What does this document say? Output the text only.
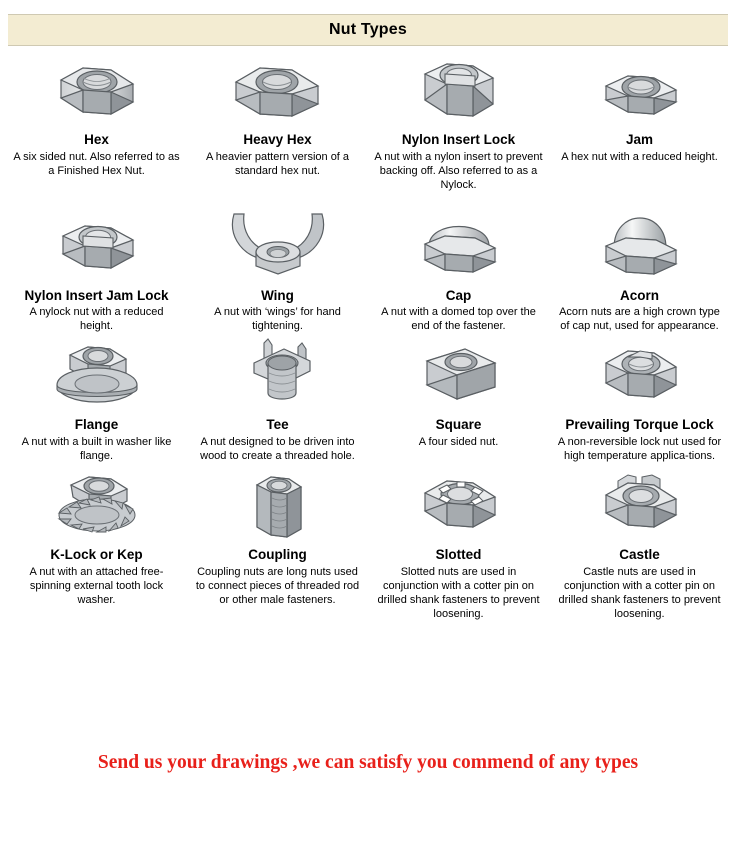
Nut Types
Hex
A six sided nut. Also referred to as a Finished Hex Nut.
Heavy Hex
A heavier pattern version of a standard hex nut.
Nylon Insert Lock
A nut with a nylon insert to prevent backing off. Also referred to as a Nylock.
Jam
A hex nut with a reduced height.
Nylon Insert Jam Lock
A nylock nut with a reduced height.
Wing
A nut with ‘wings’ for hand tightening.
Cap
A nut with a domed top over the end of the fastener.
Acorn
Acorn nuts are a high crown type of cap nut, used for appearance.
Flange
A nut with a built in washer like flange.
Tee
A nut designed to be driven into wood to create a threaded hole.
Square
A four sided nut.
Prevailing Torque Lock
A non-reversible lock nut used for high temperature applica-tions.
K-Lock or Kep
A nut with an attached free-spinning external tooth lock washer.
Coupling
Coupling nuts are long nuts used to connect pieces of threaded rod or other male fasteners.
Slotted
Slotted nuts are used in conjunction with a cotter pin on drilled shank fasteners to prevent loosening.
Castle
Castle nuts are used in conjunction with a cotter pin on drilled shank fasteners to prevent loosening.
Send us your drawings ,we can satisfy you commend of any types
